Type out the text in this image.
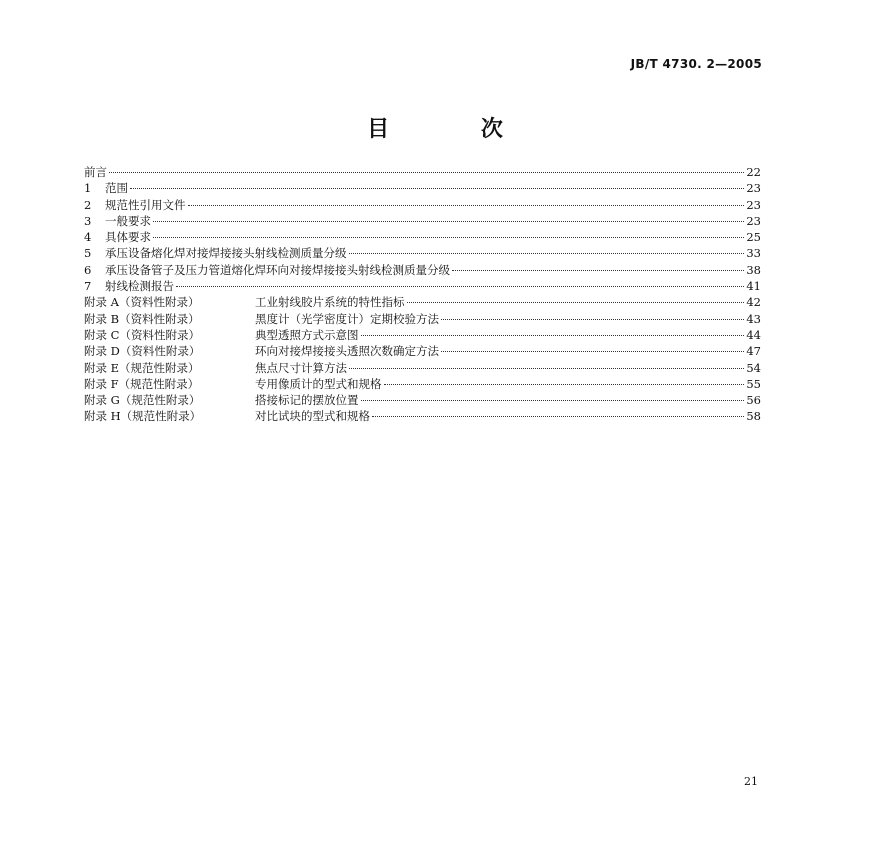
JB/T 4730. 2—2005
目 次
前言	22
1	范围	23
2	规范性引用文件	23
3	一般要求	23
4	具体要求	25
5	承压设备熔化焊对接焊接接头射线检测质量分级	33
6	承压设备管子及压力管道熔化焊环向对接焊接接头射线检测质量分级	38
7	射线检测报告	41
附录 A（资料性附录）	工业射线胶片系统的特性指标	42
附录 B（资料性附录）	黑度计（光学密度计）定期校验方法	43
附录 C（资料性附录）	典型透照方式示意图	44
附录 D（资料性附录）	环向对接焊接接头透照次数确定方法	47
附录 E（规范性附录）	焦点尺寸计算方法	54
附录 F（规范性附录）	专用像质计的型式和规格	55
附录 G（规范性附录）	搭接标记的摆放位置	56
附录 H（规范性附录）	对比试块的型式和规格	58
21
